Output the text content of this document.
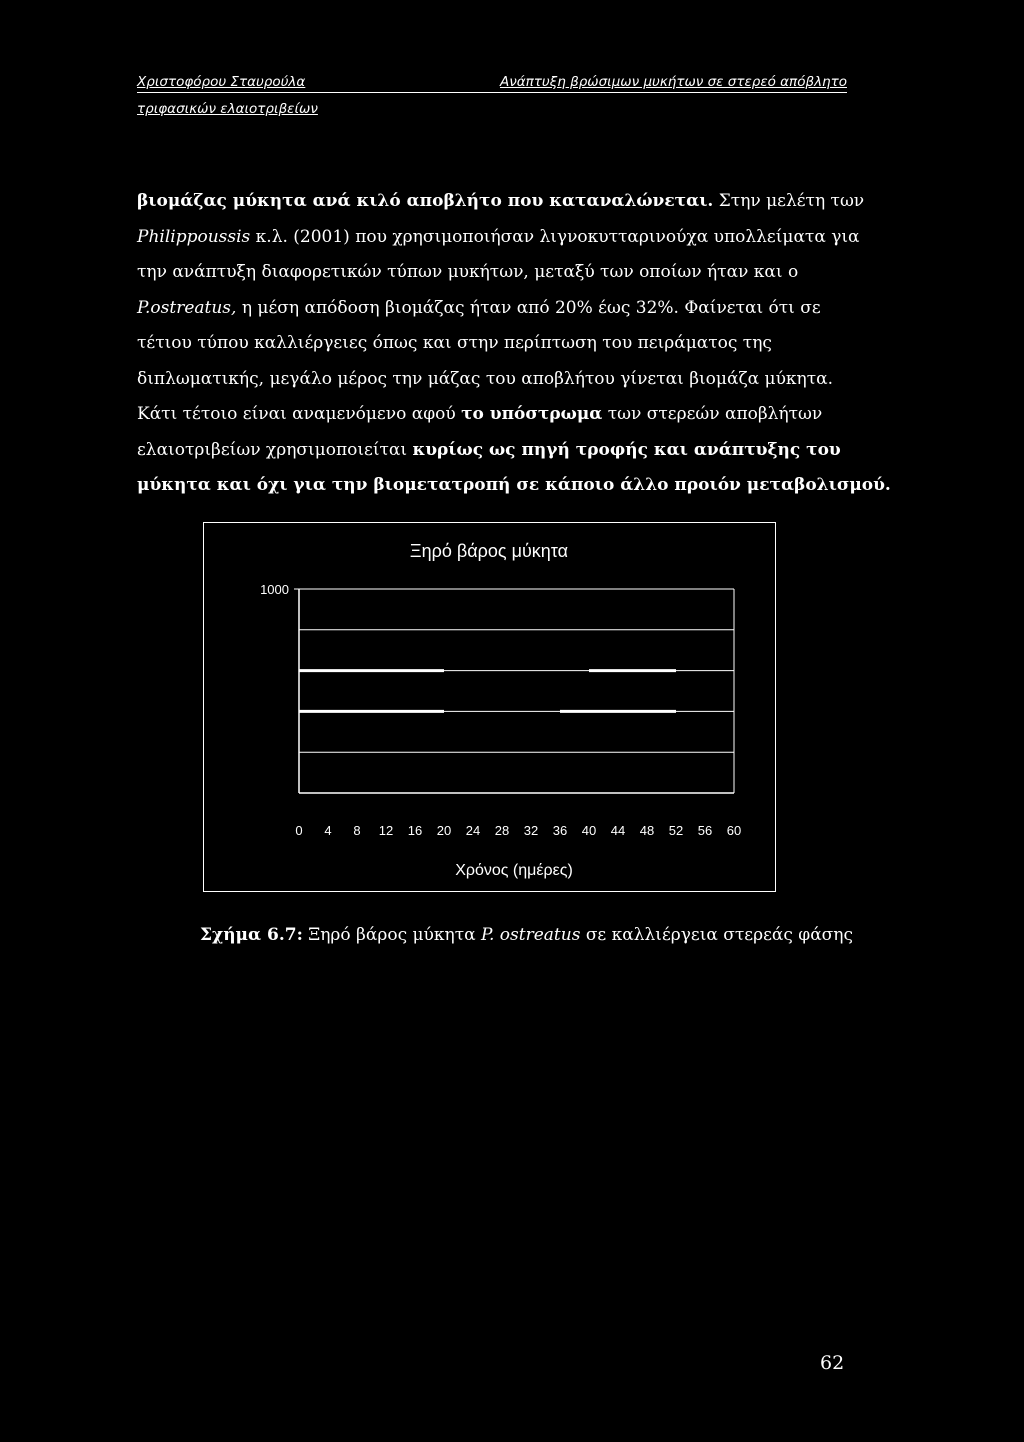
Χριστοφόρου Σταυρούλα	Ανάπτυξη βρώσιμων μυκήτων σε στερεό απόβλητο
τριφασικών ελαιοτριβείων
βιομάζας μύκητα ανά κιλό αποβλήτο που καταναλώνεται. Στην μελέτη των
Philippoussis κ.λ. (2001) που χρησιμοποιήσαν λιγνοκυτταρινούχα υπολλείματα για
την ανάπτυξη διαφορετικών τύπων μυκήτων, μεταξύ των οποίων ήταν και ο
P.ostreatus, η μέση απόδοση βιομάζας ήταν από 20% έως 32%. Φαίνεται ότι σε
τέτιου τύπου καλλιέργειες όπως και στην περίπτωση του πειράματος της
διπλωματικής, μεγάλο μέρος την μάζας του αποβλήτου γίνεται βιομάζα μύκητα.
Κάτι τέτοιο είναι αναμενόμενο αφού το υπόστρωμα των στερεών αποβλήτων
ελαιοτριβείων χρησιμοποιείται κυρίως ως πηγή τροφής και ανάπτυξης του
μύκητα και όχι για την βιομετατροπή σε κάποιο άλλο προιόν μεταβολισμού.
Ξηρό βάρος μύκητα
1000
0 4 8 12 16 20 24 28 32 36 40 44 48 52 56 60
Χρόνος (ημέρες)
Σχήμα 6.7: Ξηρό βάρος μύκητα P. ostreatus σε καλλιέργεια στερεάς φάσης
62
